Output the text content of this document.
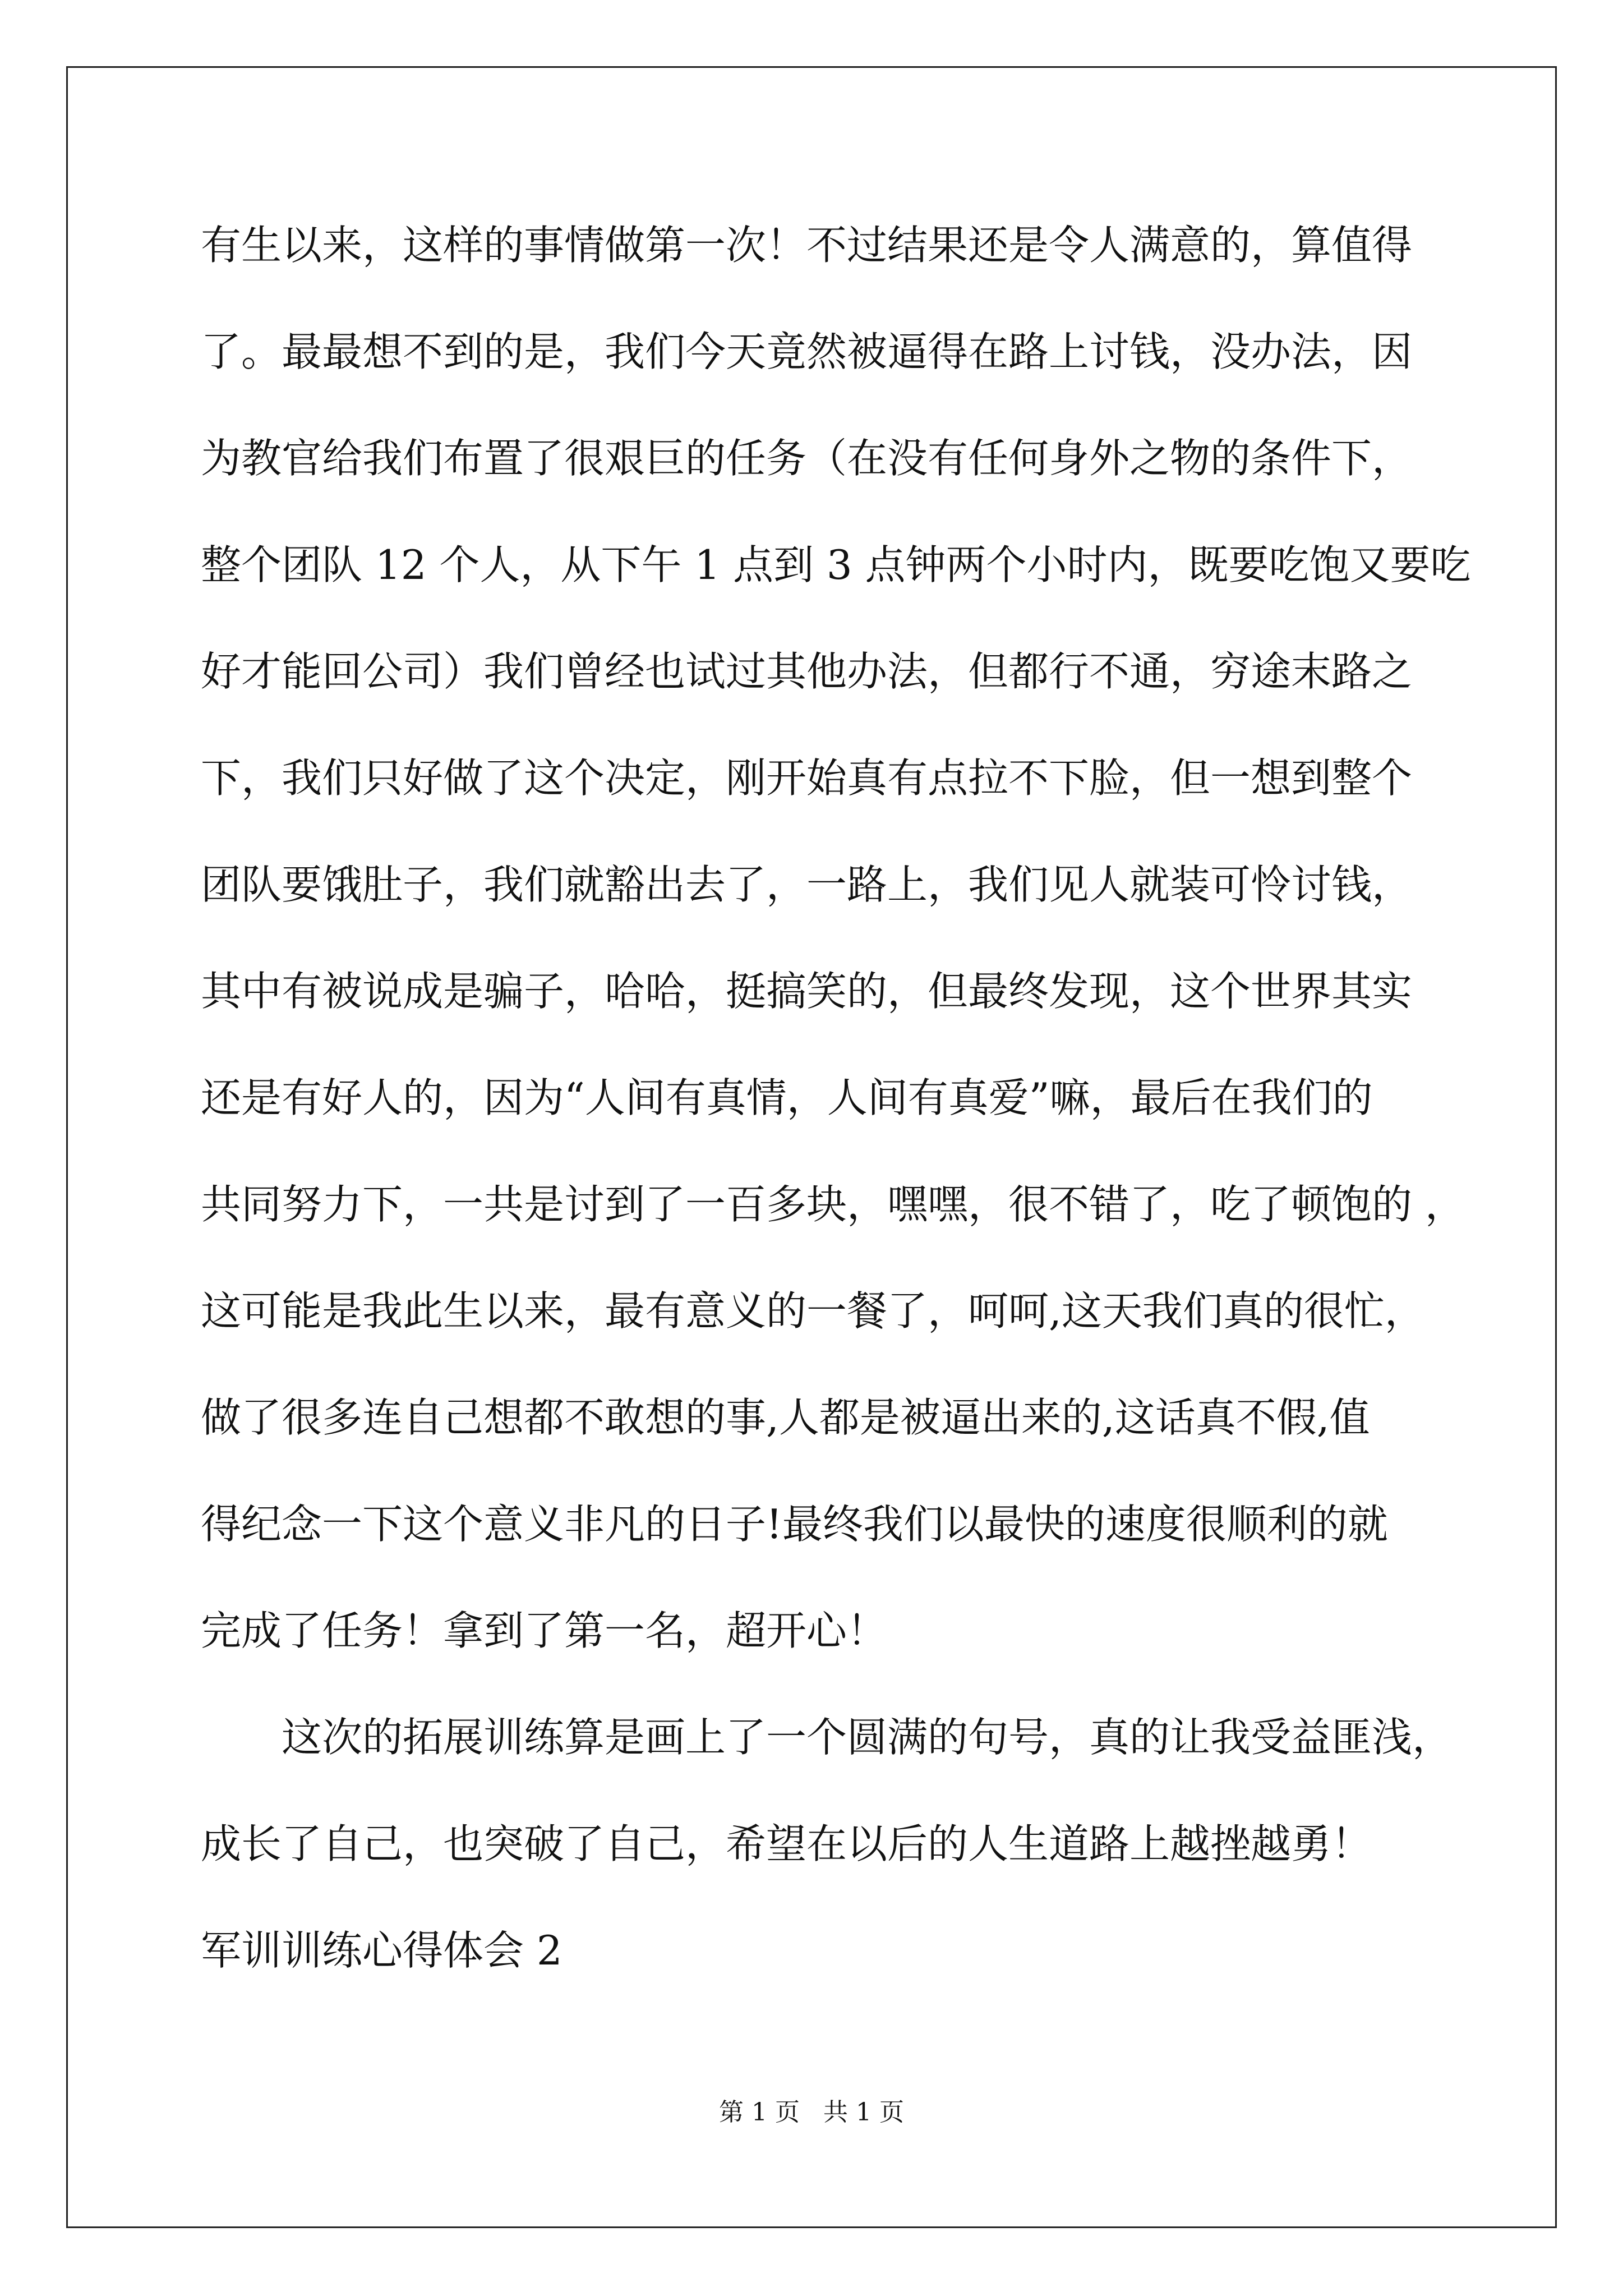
有生以来，这样的事情做第一次！不过结果还是令人满意的，算值得
了。最最想不到的是，我们今天竟然被逼得在路上讨钱，没办法，因
为教官给我们布置了很艰巨的任务（在没有任何身外之物的条件下，
整个团队 12 个人，从下午 1 点到 3 点钟两个小时内，既要吃饱又要吃
好才能回公司）我们曾经也试过其他办法，但都行不通，穷途末路之
下，我们只好做了这个决定，刚开始真有点拉不下脸，但一想到整个
团队要饿肚子，我们就豁出去了，一路上，我们见人就装可怜讨钱，
其中有被说成是骗子，哈哈，挺搞笑的，但最终发现，这个世界其实
还是有好人的，因为“人间有真情，人间有真爱”嘛，最后在我们的
共同努力下，一共是讨到了一百多块，嘿嘿，很不错了，吃了顿饱的 ，
这可能是我此生以来，最有意义的一餐了，呵呵,这天我们真的很忙，
做了很多连自己想都不敢想的事,人都是被逼出来的,这话真不假,值
得纪念一下这个意义非凡的日子!最终我们以最快的速度很顺利的就
完成了任务！拿到了第一名，超开心！
这次的拓展训练算是画上了一个圆满的句号，真的让我受益匪浅，
成长了自己，也突破了自己，希望在以后的人生道路上越挫越勇！
军训训练心得体会 2
第 1 页   共 1 页
